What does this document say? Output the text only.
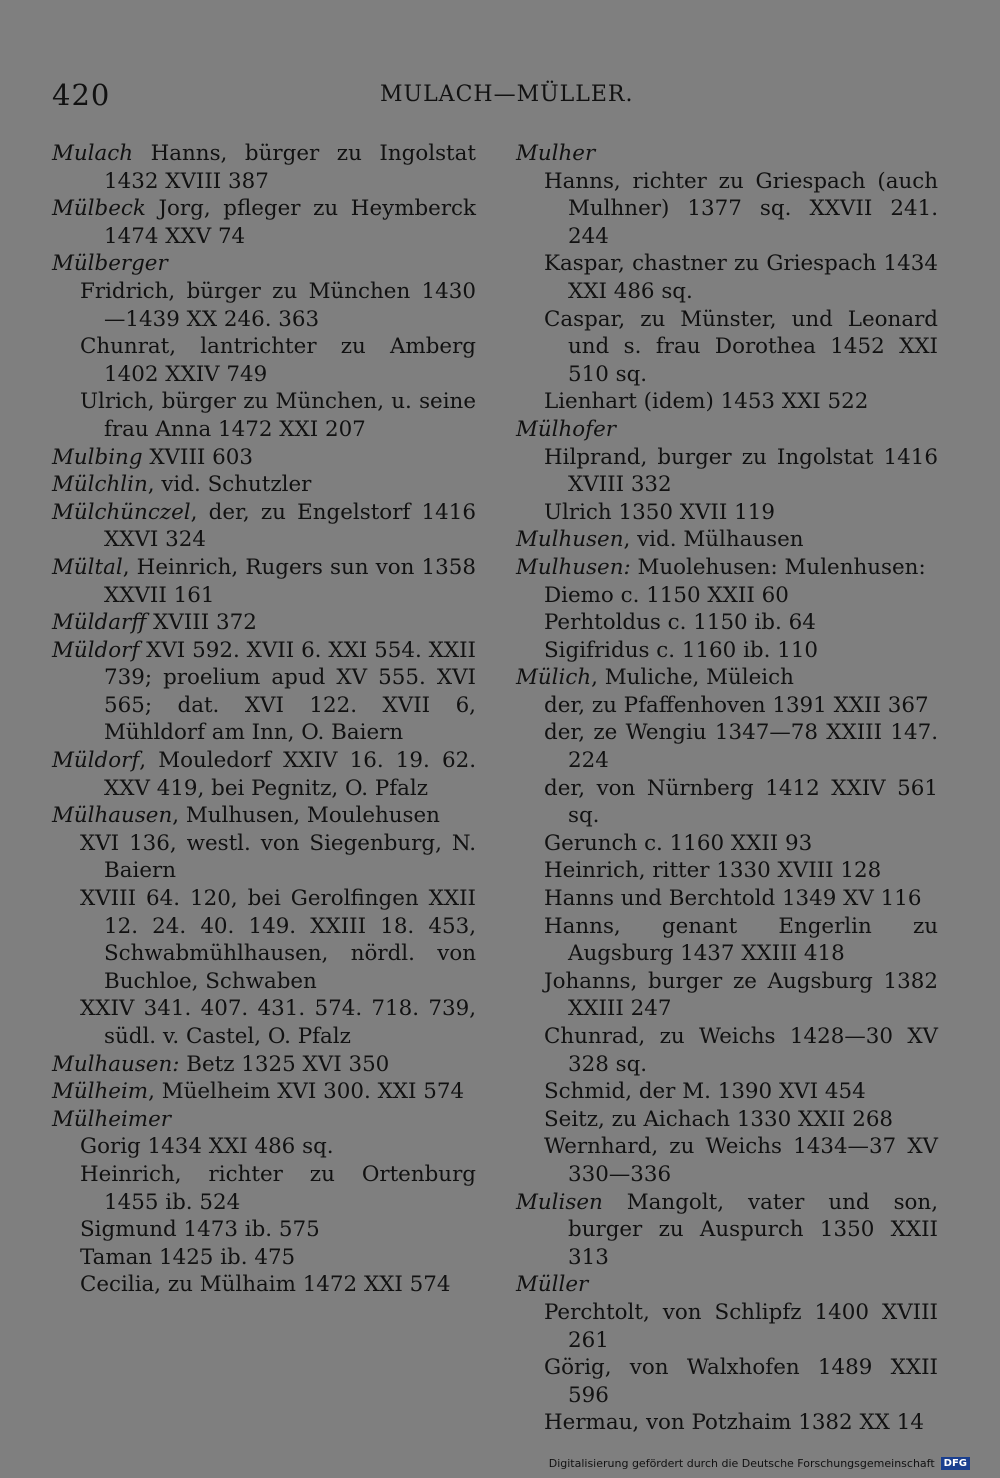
420	MULACH—MÜLLER.
Mulach Hanns, bürger zu Ingolstat 1432 XVIII 387
Mülbeck Jorg, pfleger zu Heymberck 1474 XXV 74
Mülberger
Fridrich, bürger zu München 1430—1439 XX 246. 363
Chunrat, lantrichter zu Amberg 1402 XXIV 749
Ulrich, bürger zu München, u. seine frau Anna 1472 XXI 207
Mulbing XVIII 603
Mülchlin, vid. Schutzler
Mülchünczel, der, zu Engelstorf 1416 XXVI 324
Mültal, Heinrich, Rugers sun von 1358 XXVII 161
Müldarff XVIII 372
Müldorf XVI 592. XVII 6. XXI 554. XXII 739; proelium apud XV 555. XVI 565; dat. XVI 122. XVII 6, Mühldorf am Inn, O. Baiern
Müldorf, Mouledorf XXIV 16. 19. 62. XXV 419, bei Pegnitz, O. Pfalz
Mülhausen, Mulhusen, Moulehusen
XVI 136, westl. von Siegenburg, N. Baiern
XVIII 64. 120, bei Gerolfingen XXII 12. 24. 40. 149. XXIII 18. 453, Schwabmühlhausen, nördl. von Buchloe, Schwaben
XXIV 341. 407. 431. 574. 718. 739, südl. v. Castel, O. Pfalz
Mulhausen: Betz 1325 XVI 350
Mülheim, Müelheim XVI 300. XXI 574
Mülheimer
Gorig 1434 XXI 486 sq.
Heinrich, richter zu Ortenburg 1455 ib. 524
Sigmund 1473 ib. 575
Taman 1425 ib. 475
Cecilia, zu Mülhaim 1472 XXI 574
Mulher
Hanns, richter zu Griespach (auch Mulhner) 1377 sq. XXVII 241. 244
Kaspar, chastner zu Griespach 1434 XXI 486 sq.
Caspar, zu Münster, und Leonard und s. frau Dorothea 1452 XXI 510 sq.
Lienhart (idem) 1453 XXI 522
Mülhofer
Hilprand, burger zu Ingolstat 1416 XVIII 332
Ulrich 1350 XVII 119
Mulhusen, vid. Mülhausen
Mulhusen: Muolehusen: Mulenhusen:
Diemo c. 1150 XXII 60
Perhtoldus c. 1150 ib. 64
Sigifridus c. 1160 ib. 110
Mülich, Muliche, Müleich
der, zu Pfaffenhoven 1391 XXII 367
der, ze Wengiu 1347—78 XXIII 147. 224
der, von Nürnberg 1412 XXIV 561 sq.
Gerunch c. 1160 XXII 93
Heinrich, ritter 1330 XVIII 128
Hanns und Berchtold 1349 XV 116
Hanns, genant Engerlin zu Augsburg 1437 XXIII 418
Johanns, burger ze Augsburg 1382 XXIII 247
Chunrad, zu Weichs 1428—30 XV 328 sq.
Schmid, der M. 1390 XVI 454
Seitz, zu Aichach 1330 XXII 268
Wernhard, zu Weichs 1434—37 XV 330—336
Mulisen Mangolt, vater und son, burger zu Auspurch 1350 XXII 313
Müller
Perchtolt, von Schlipfz 1400 XVIII 261
Görig, von Walxhofen 1489 XXII 596
Hermau, von Potzhaim 1382 XX 14
Digitalisierung gefördert durch die Deutsche Forschungsgemeinschaft DFG
